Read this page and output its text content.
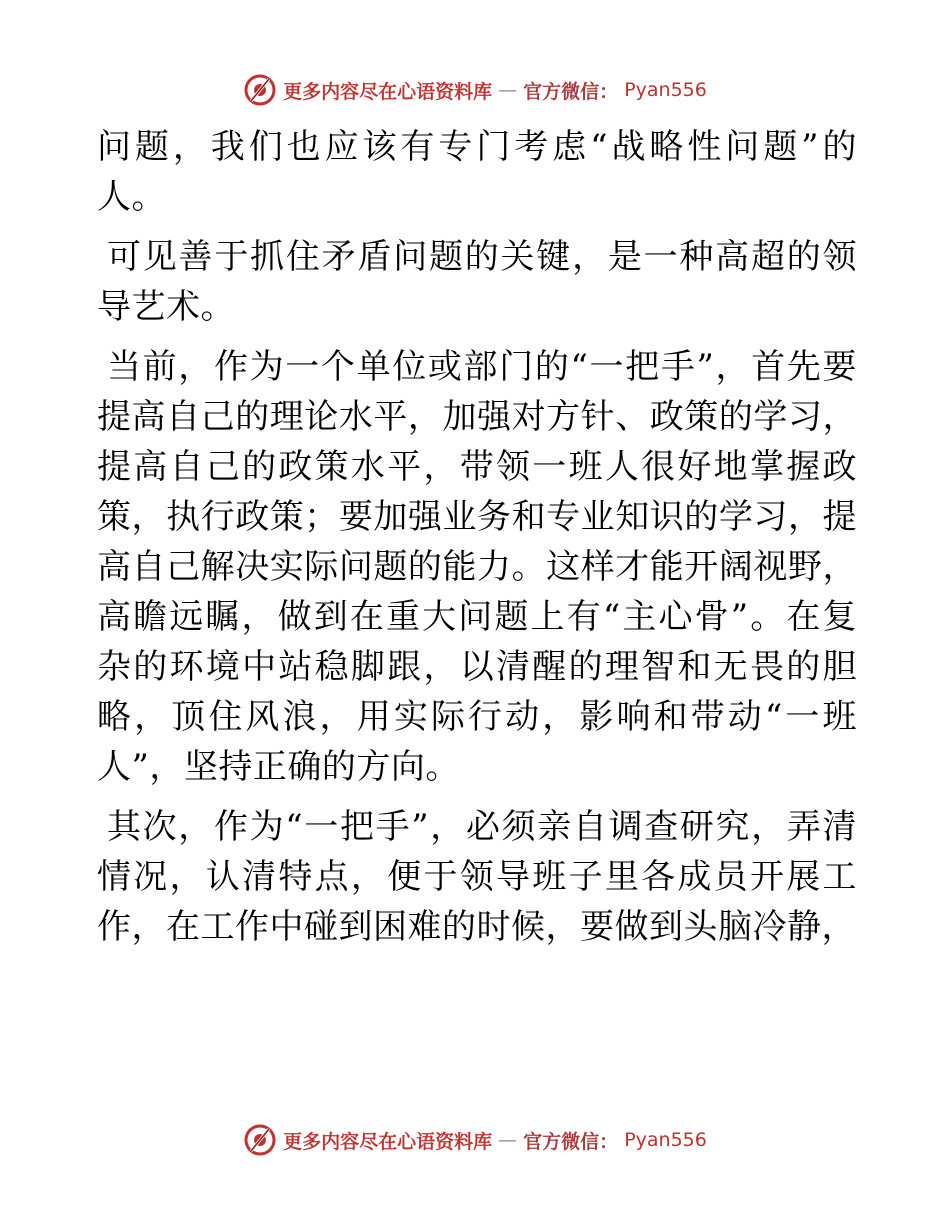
更多内容尽在心语资料库 — 官方微信： Pyan556

问题，我们也应该有专门考虑“战略性问题”的人。

可见善于抓住矛盾问题的关键，是一种高超的领导艺术。

当前，作为一个单位或部门的“一把手”，首先要提高自己的理论水平，加强对方针、政策的学习，提高自己的政策水平，带领一班人很好地掌握政策，执行政策；要加强业务和专业知识的学习，提高自己解决实际问题的能力。这样才能开阔视野，高瞻远瞩，做到在重大问题上有“主心骨”。在复杂的环境中站稳脚跟，以清醒的理智和无畏的胆略，顶住风浪，用实际行动，影响和带动“一班人”，坚持正确的方向。

其次，作为“一把手”，必须亲自调查研究，弄清情况，认清特点，便于领导班子里各成员开展工作，在工作中碰到困难的时候，要做到头脑冷静，

更多内容尽在心语资料库 — 官方微信： Pyan556
